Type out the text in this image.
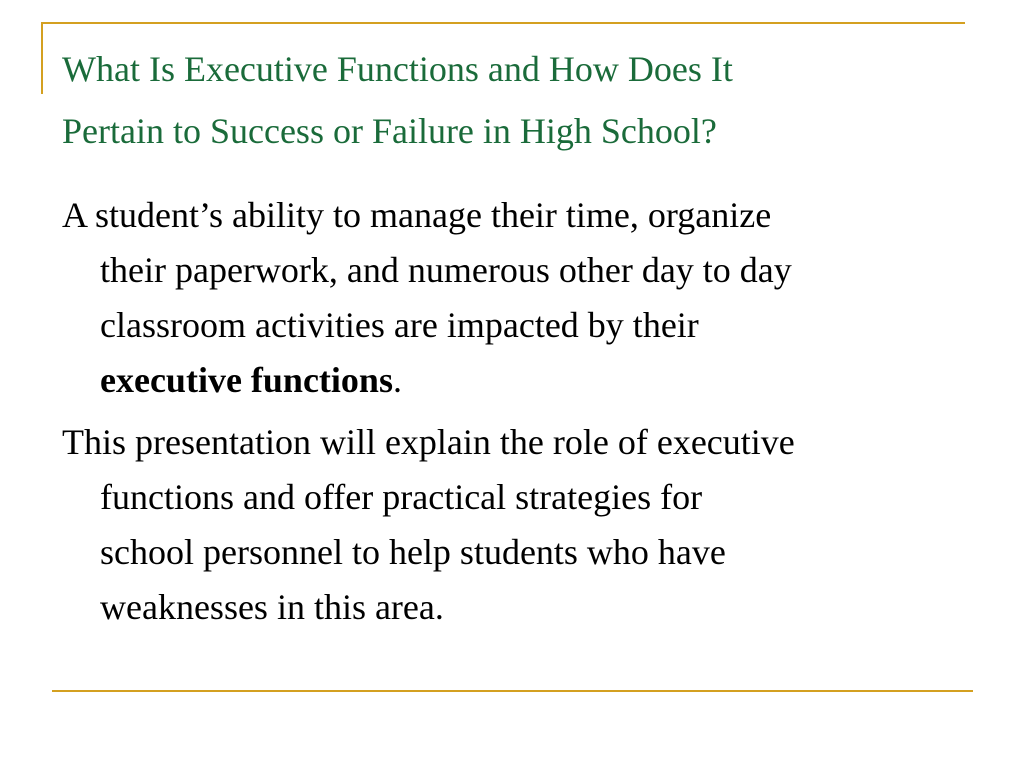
What Is Executive Functions and How Does It
Pertain to Success or Failure in High School?

A student’s ability to manage their time, organize
their paperwork, and numerous other day to day
classroom activities are impacted by their
executive functions.

This presentation will explain the role of executive
functions and offer practical strategies for
school personnel to help students who have
weaknesses in this area.
